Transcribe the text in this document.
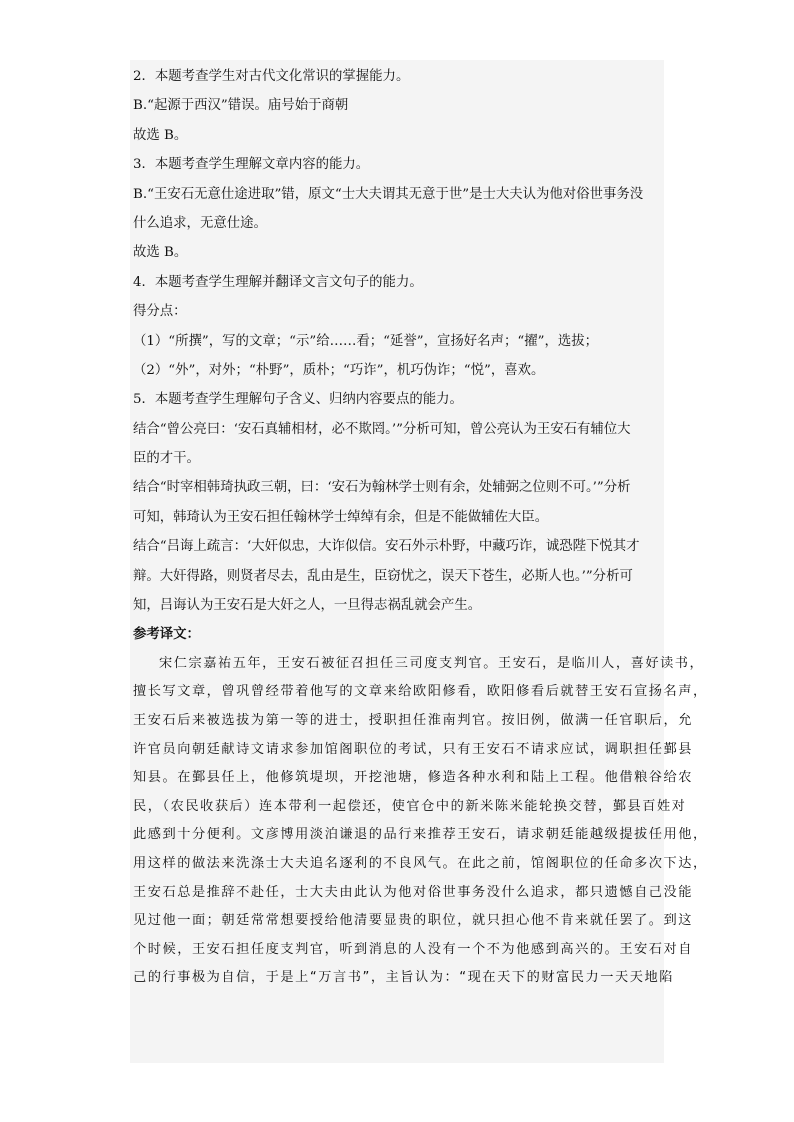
2．本题考查学生对古代文化常识的掌握能力。
B.“起源于西汉”错误。庙号始于商朝
故选 B。
3．本题考查学生理解文章内容的能力。
B.“王安石无意仕途进取”错，原文“士大夫谓其无意于世”是士大夫认为他对俗世事务没
什么追求，无意仕途。
故选 B。
4．本题考查学生理解并翻译文言文句子的能力。
得分点：
（1）“所撰”，写的文章；“示”给……看；“延誉”，宣扬好名声；“擢”，选拔；
（2）“外”，对外；“朴野”，质朴；“巧诈”，机巧伪诈；“悦”，喜欢。
5．本题考查学生理解句子含义、归纳内容要点的能力。
结合“曾公亮曰：‘安石真辅相材，必不欺罔。’”分析可知，曾公亮认为王安石有辅位大
臣的才干。
结合“时宰相韩琦执政三朝，曰：‘安石为翰林学士则有余，处辅弼之位则不可。’”分析
可知，韩琦认为王安石担任翰林学士绰绰有余，但是不能做辅佐大臣。
结合“吕诲上疏言：‘大奸似忠，大诈似信。安石外示朴野，中藏巧诈，诚恐陛下悦其才
辩。大奸得路，则贤者尽去，乱由是生，臣窃忧之，误天下苍生，必斯人也。’”分析可
知，吕诲认为王安石是大奸之人，一旦得志祸乱就会产生。
参考译文：
宋仁宗嘉祐五年，王安石被征召担任三司度支判官。王安石，是临川人，喜好读书，
擅长写文章，曾巩曾经带着他写的文章来给欧阳修看，欧阳修看后就替王安石宣扬名声，
王安石后来被选拔为第一等的进士，授职担任淮南判官。按旧例，做满一任官职后，允
许官员向朝廷献诗文请求参加馆阁职位的考试，只有王安石不请求应试，调职担任鄞县
知县。在鄞县任上，他修筑堤坝，开挖池塘，修造各种水利和陆上工程。他借粮谷给农
民，（农民收获后）连本带利一起偿还，使官仓中的新米陈米能轮换交替，鄞县百姓对
此感到十分便利。文彦博用淡泊谦退的品行来推荐王安石，请求朝廷能越级提拔任用他，
用这样的做法来洗涤士大夫追名逐利的不良风气。在此之前，馆阁职位的任命多次下达，
王安石总是推辞不赴任，士大夫由此认为他对俗世事务没什么追求，都只遗憾自己没能
见过他一面；朝廷常常想要授给他清要显贵的职位，就只担心他不肯来就任罢了。到这
个时候，王安石担任度支判官，听到消息的人没有一个不为他感到高兴的。王安石对自
己的行事极为自信，于是上“万言书”，主旨认为：“现在天下的财富民力一天天地陷
